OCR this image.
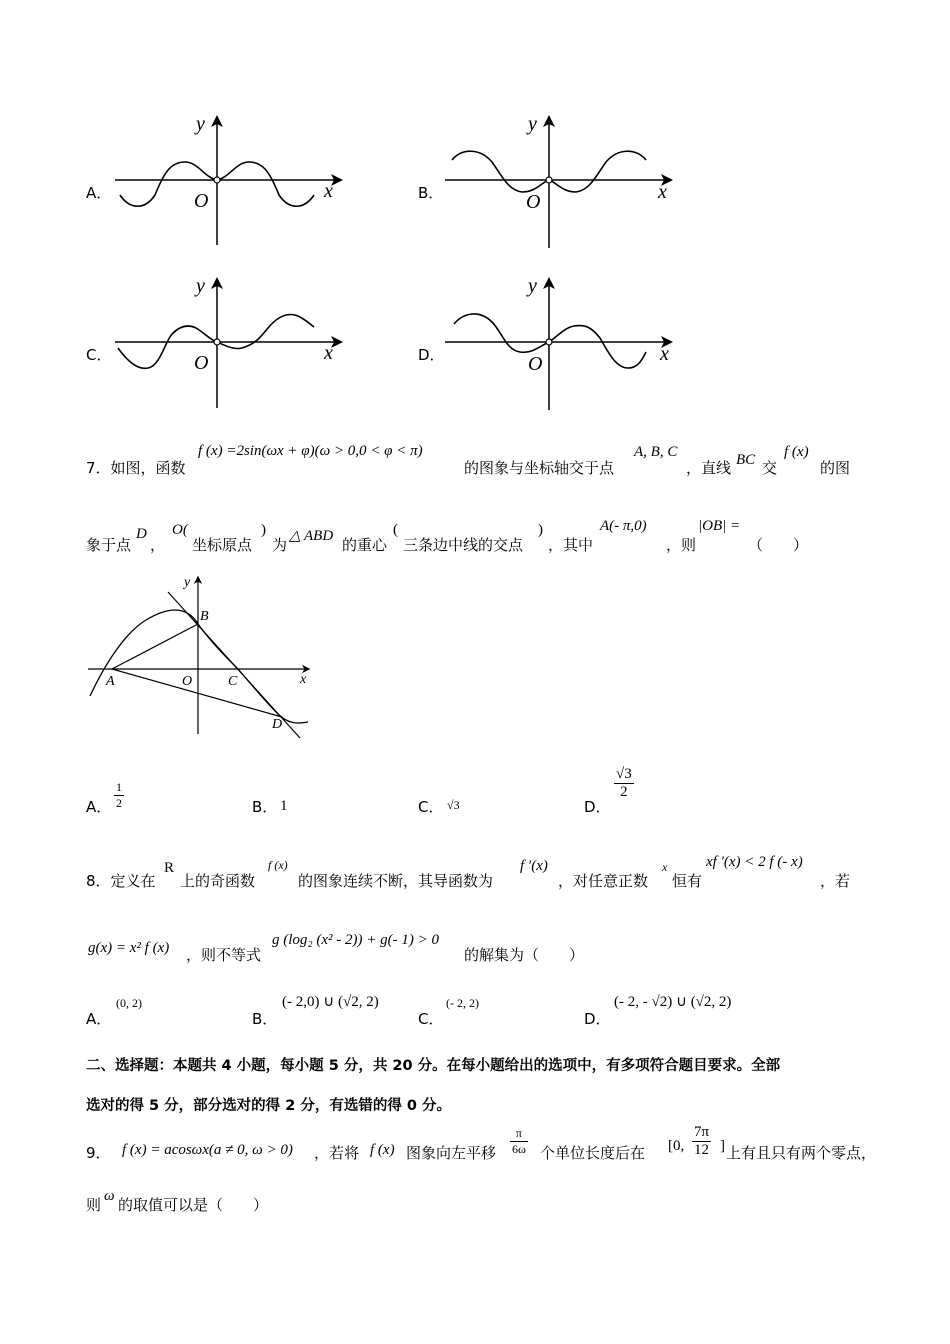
A．
y
x
O	B．
y
x
O
C．
y
x
O	D．
y
x
O
7．如图，函数
f (x) =2sin(ωx + φ)(ω > 0,0 < φ < π)
的图象与坐标轴交于点
A, B, C
，直线 BC 交
f (x)
的图
象于点
D
，
O(
坐标原点
)
为 △ ABD 的重心
(
三条边中线的交点
)
，其中
A(- π,0)
，则
|OB| =
（　　）
y
x
A	O
B
C
D
A． $\frac{1}{2}$	B． 1	C． √3	D．
$\frac{√3}{2}$
8．定义在
R
上的奇函数
f (x)
的图象连续不断，其导函数为
f ′(x)
，对任意正数
x
恒有
xf ′(x) < 2 f (- x)
，若
g(x) = x² f (x) ，则不等式
g (log₂ (x² - 2)) + g(- 1) > 0
的解集为（　　）
A．
(0, 2)
B．
(- 2,0) ∪ (√2, 2)
C．
(- 2, 2)
D．
(- 2, - √2) ∪ (√2, 2)
二、选择题：本题共 4 小题，每小题 5 分，共 20 分。在每小题给出的选项中，有多项符合题目要求。全部
选对的得 5 分，部分选对的得 2 分，有选错的得 0 分。
9． f (x) = acosωx(a ≠ 0, ω > 0) ，若将 f (x) 图象向左平移 $\frac{\pi}{6\omega}$ 个单位长度后在 [0, $\frac{7\pi}{12}$ ] 上有且只有两个零点，
则 ω 的取值可以是（　　）
